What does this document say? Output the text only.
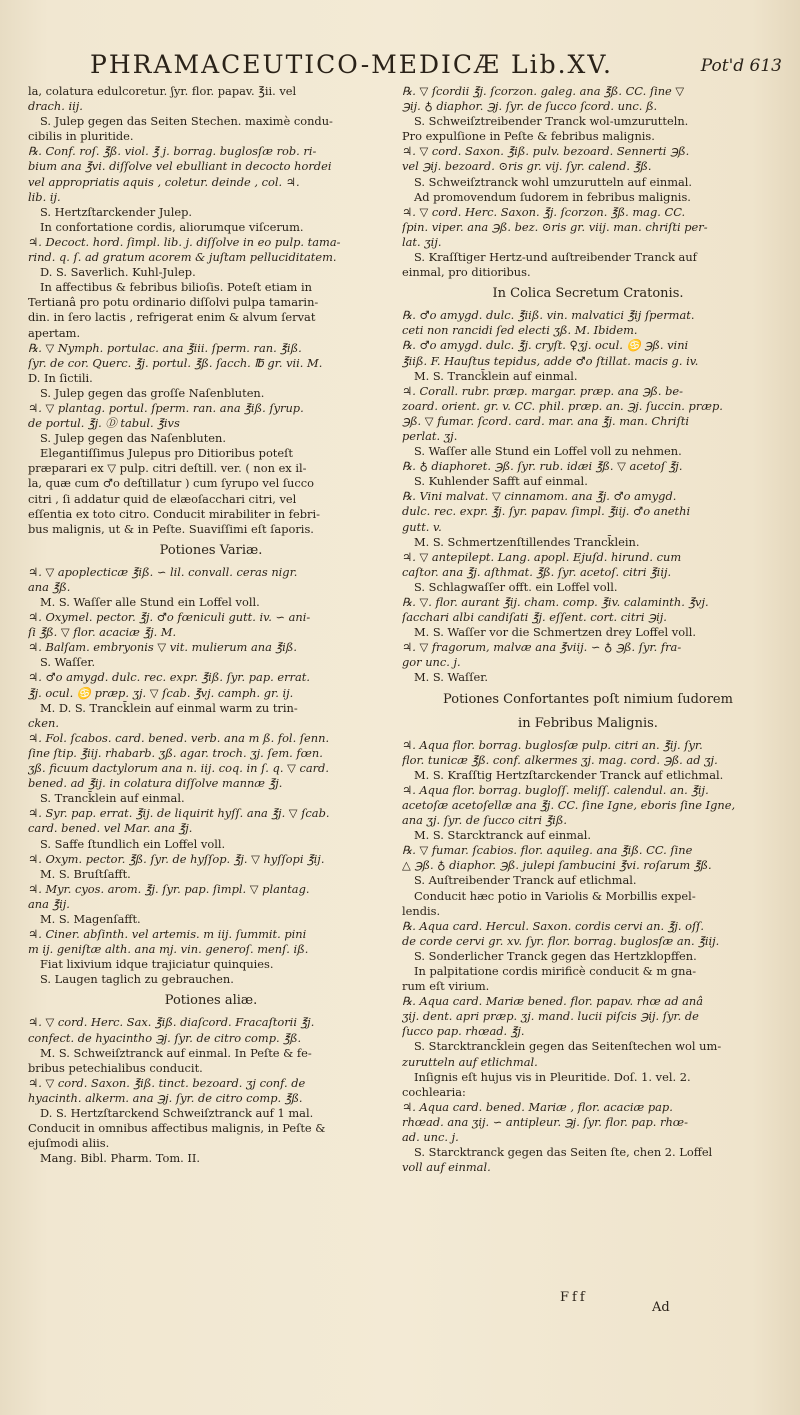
PHRAMACEUTICO-MEDICÆ Lib.XV.	Pot'd 613
la, colatura edulcoretur. ʃyr. flor. papav. ℥ii. vel
drach. iij.
S. Julep gegen das Seiten Stechen. maximè condu-
cibilis in pluritide.
℞. Conf. roſ. ℥ß. viol. ℥ j. borrag. buglosſæ rob. ri-
bium ana ℥vi. diſſolve vel ebulliant in decocto hordei
vel appropriatis aquis , coletur. deinde , col. ♃.
lib. ij.
S. Hertzſtarckender Julep.
In confortatione cordis, aliorumque viſcerum.
♃. Decoct. hord. ſimpl. lib. j. diſſolve in eo pulp. tama-
rind. q. ſ. ad gratum acorem & juſtam pelluciditatem.
D. S. Saverlich. Kuhl-Julep.
In affectibus & febribus bilioſis. Poteſt etiam in
Tertianâ pro potu ordinario diſſolvi pulpa tamarin-
din. in ſero lactis , refrigerat enim & alvum ſervat
apertam.
℞. ▽ Nymph. portulac. ana ℥iii. ſperm. ran. ℥iß.
ſyr. de cor. Querc. ℥j. portul. ℥ß. ſacch. ℔ gr. vii. M.
D. In ſictili.
S. Julep gegen das groſſe Naſenbluten.
♃. ▽ plantag. portul. ſperm. ran. ana ℥iß. ſyrup.
de portul. ℥j. Ⓓ tabul. ℥ivs
S. Julep gegen das Naſenbluten.
Elegantiſſimus Julepus pro Ditioribus poteſt
præparari ex ▽ pulp. citri deſtill. ver. ( non ex il-
la, quæ cum ♂o deſtillatur ) cum ſyrupo vel ſucco
citri , ſi addatur quid de elæoſacchari citri, vel
eſſentia ex toto citro. Conducit mirabiliter in febri-
bus malignis, ut & in Peſte. Suaviſſimi eſt ſaporis.
Potiones Variæ.
♃. ▽ apoplecticæ ℥iß. ∽ lil. convall. ceras nigr.
ana ℥ß.
M. S. Waſſer alle Stund ein Loffel voll.
♃. Oxymel. pector. ℥j. ♂o fœniculi gutt. iv. ∽ ani-
ſi ℥ß. ▽ flor. acaciæ ℥j. M.
♃. Balſam. embryonis ▽ vit. mulierum ana ℥iß.
S. Waſſer.
♃. ♂o amygd. dulc. rec. expr. ℥iß. ſyr. pap. errat.
℥j. ocul. ♋ præp. ʒj. ▽ ſcab. ℥vj. camph. gr. ij.
M. D. S. Tranck̄lein auf einmal warm zu trin-
cken.
♃. Fol. ſcabos. card. bened. verb. ana m ß. fol. ſenn.
ſine ſtip. ℥iij. rhabarb. ʒß. agar. troch. ʒj. ſem. fœn.
ʒß. ficuum dactylorum ana n. iij. coq. in ſ. q. ▽ card.
bened. ad ℥ij. in colatura diſſolve mannæ ℥j.
S. Tranck̄lein auf einmal.
♃. Syr. pap. errat. ℥ij. de liquirit hyſſ. ana ℥j. ▽ ſcab.
card. bened. vel Mar. ana ℥j.
S. Saffe ſtundlich ein Loffel voll.
♃. Oxym. pector. ℥ß. ſyr. de hyſſop. ℥j. ▽ hyſſopi ℥ij.
M. S. Bruſtſafft.
♃. Myr. cyos. arom. ℥j. ſyr. pap. ſimpl. ▽ plantag.
ana ℥ij.
M. S. Magenſafft.
♃. Ciner. abſinth. vel artemis. m iij. ſummit. pini
m ij. geniſtæ alth. ana mj. vin. generoſ. menſ. iß.
Fiat lixivium idque trajiciatur quinquies.
S. Laugen taglich zu gebrauchen.
Potiones aliæ.
♃. ▽ cord. Herc. Sax. ℥iß. diaſcord. Fracaſtorii ℥j.
confect. de hyacintho ℈j. ſyr. de citro comp. ℥ß.
M. S. Schweiſztranck auf einmal. In Peſte & fe-
bribus petechialibus conducit.
♃. ▽ cord. Saxon. ℥iß. tinct. bezoard. ʒj conf. de
hyacinth. alkerm. ana ℈j. ſyr. de citro comp. ℥ß.
D. S. Hertzſtarckend Schweiſztranck auf 1 mal.
Conducit in omnibus affectibus malignis, in Peſte &
ejuſmodi aliis.
Mang. Bibl. Pharm. Tom. II.
℞. ▽ ſcordii ℥j. ſcorzon. galeg. ana ℥ß. CC. ſine ▽
℈ij. ♁ diaphor. ℈j. ſyr. de ſucco ſcord. unc. ß.
S. Schweiſztreibender Tranck wol-umzurutteln.
Pro expulſione in Peſte & febribus malignis.
♃. ▽ cord. Saxon. ℥iß. pulv. bezoard. Sennerti ℈ß.
vel ℈ij. bezoard. ⊙ris gr. vij. ſyr. calend. ℥ß.
S. Schweiſztranck wohl umzurutteln auf einmal.
Ad promovendum ſudorem in febribus malignis.
♃. ▽ cord. Herc. Saxon. ℥j. ſcorzon. ℥ß. mag. CC.
ſpin. viper. ana ℈ß. bez. ⊙ris gr. viij. man. chriſti per-
lat. ʒij.
S. Kraſſtiger Hertz-und auſtreibender Tranck auf
einmal, pro ditioribus.
In Colica Secretum Cratonis.
℞. ♂o amygd. dulc. ℥iiß. vin. malvatici ℥ij ſpermat.
ceti non rancidi ſed electi ʒß. M. Ibidem.
℞. ♂o amygd. dulc. ℥j. cryſt. ♀ʒj. ocul. ♋ ℈ß. vini
℥iiß. F. Hauſtus tepidus, adde ♂o ſtillat. macis g. iv.
M. S. Tranck̄lein auf einmal.
♃. Corall. rubr. præp. margar. præp. ana ℈ß. be-
zoard. orient. gr. v. CC. phil. præp. an. ℈j. ſuccin. præp.
℈ß. ▽ fumar. ſcord. card. mar. ana ℥j. man. Chriſti
perlat. ʒj.
S. Waſſer alle Stund ein Loffel voll zu nehmen.
℞. ♁ diaphoret. ℈ß. ſyr. rub. idæi ℥ß. ▽ acetoſ ℥j.
S. Kuhlender Safft auf einmal.
℞. Vini malvat. ▽ cinnamom. ana ℥j. ♂o amygd.
dulc. rec. expr. ℥j. ſyr. papav. ſimpl. ℥iij. ♂o anethi
gutt. v.
M. S. Schmertzenſtillendes Tranck̄lein.
♃. ▽ antepilept. Lang. apopl. Ejuſd. hirund. cum
caſtor. ana ℥j. aſthmat. ℥ß. ſyr. acetoſ. citri ℥iij.
S. Schlagwaſſer offt. ein Loffel voll.
℞. ▽. flor. aurant ℥ij. cham. comp. ℥iv. calaminth. ℥vj.
ſacchari albi candiſati ℥j. eſſent. cort. citri ℈ij.
M. S. Waſſer vor die Schmertzen drey Loffel voll.
♃. ▽ fragorum, malvæ ana ℥viij. ∽ ♁ ℈ß. ſyr. fra-
gor unc. j.
M. S. Waſſer.
Potiones Confortantes poſt nimium ſudorem
in Febribus Malignis.
♃. Aqua flor. borrag. buglosſæ pulp. citri an. ℥ij. ſyr.
flor. tunicæ ℥ß. conf. alkermes ʒj. mag. cord. ℈ß. ad ʒj.
M. S. Kraſſtig Hertzſtarckender Tranck auf etlichmal.
♃. Aqua flor. borrag. bugloſſ. meliſſ. calendul. an. ℥ij.
acetoſæ acetoſellæ ana ℥j. CC. ſine Igne, eboris ſine Igne,
ana ʒj. ſyr. de ſucco citri ℥iß.
M. S. Starcktranck auf einmal.
℞. ▽ fumar. ſcabios. flor. aquileg. ana ℥iß. CC. ſine
△ ℈ß. ♁ diaphor. ℈ß. julepi ſambucini ℥vi. roſarum ℥ß.
S. Auſtreibender Tranck auf etlichmal.
Conducit hæc potio in Variolis & Morbillis expel-
lendis.
℞. Aqua card. Hercul. Saxon. cordis cervi an. ℥j. oſſ.
de corde cervi gr. xv. ſyr. flor. borrag. buglosſæ an. ℥iij.
S. Sonderlicher Tranck gegen das Hertzklopffen.
In palpitatione cordis mirificè conducit & m gna-
rum eſt virium.
℞. Aqua card. Mariæ bened. flor. papav. rhœ ad anâ
ʒij. dent. apri præp. ʒj. mand. lucii piſcis ℈ij. ſyr. de
ſucco pap. rhœad. ℥j.
S. Starcktranck̄lein gegen das Seitenſtechen wol um-
zurutteln auf etlichmal.
Inſignis eſt hujus vis in Pleuritide. Doſ. 1. vel. 2.
cochlearia:
♃. Aqua card. bened. Mariæ , flor. acaciæ pap.
rhœad. ana ʒij. ∽ antipleur. ℈j. ſyr. flor. pap. rhœ-
ad. unc. j.
S. Starcktranck gegen das Seiten ſte, chen 2. Loffel
voll auf einmal.
Fff
Ad
